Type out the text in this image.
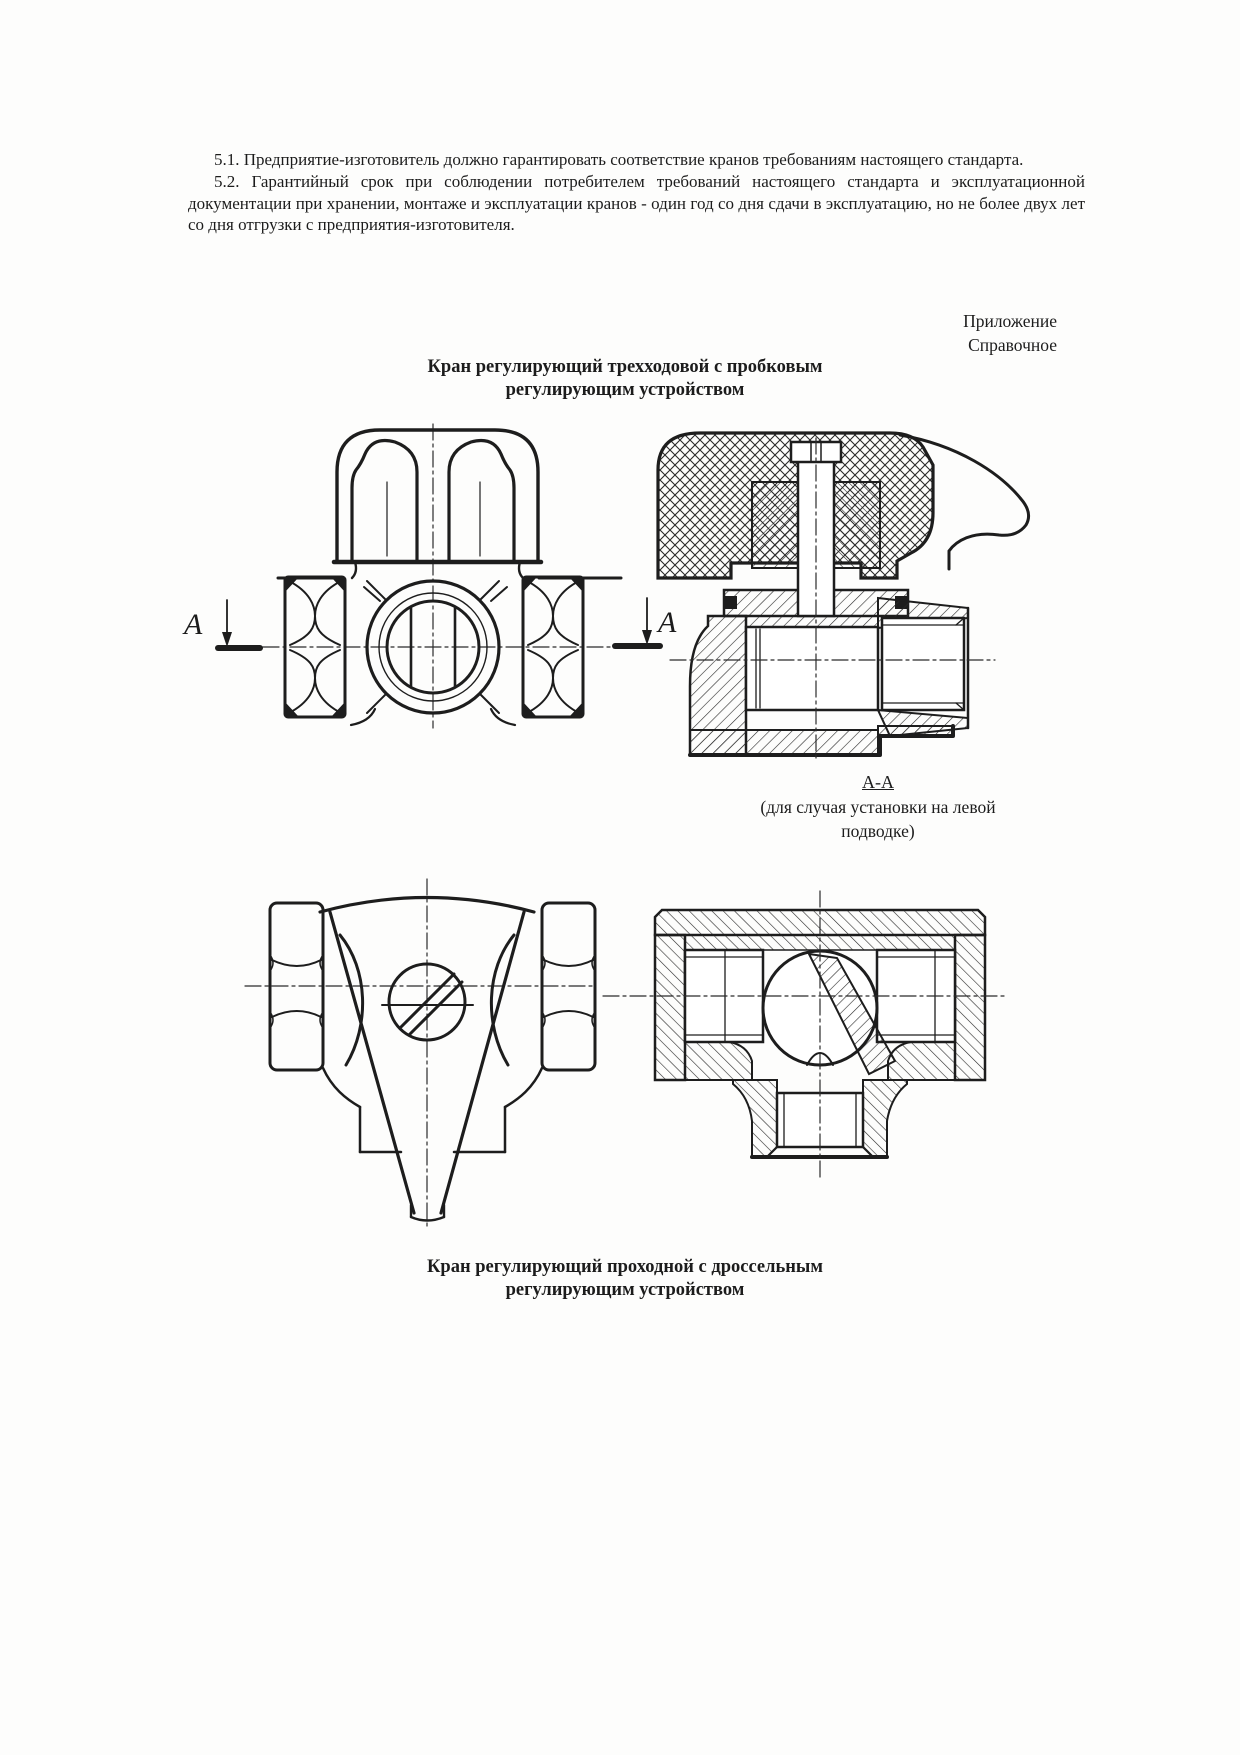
5.1. Предприятие-изготовитель должно гарантировать соответствие кранов требованиям настоящего стандарта.

5.2. Гарантийный срок при соблюдении потребителем требований настоящего стандарта и эксплуатационной документации при хранении, монтаже и эксплуатации кранов - один год со дня сдачи в эксплуатацию, но не более двух лет со дня отгрузки с предприятия-изготовителя.

Приложение
Справочное
Кран регулирующий трехходовой с пробковым
регулирующим устройством
А	А
А-А
(для случая установки на левой
подводке)
Кран регулирующий проходной с дроссельным
регулирующим устройством
